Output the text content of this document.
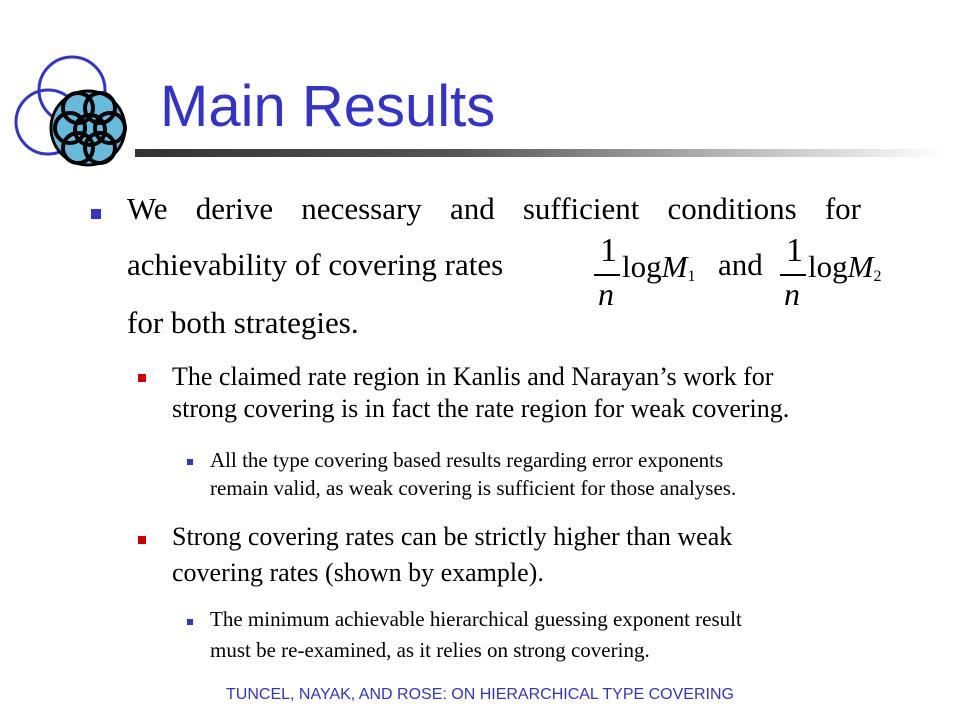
Main Results
We derive necessary and sufficient conditions for
achievability of covering rates	1
n
logM$_1$ and 1
n
logM$_2$
for both strategies.
The claimed rate region in Kanlis and Narayan’s work for
strong covering is in fact the rate region for weak covering.
All the type covering based results regarding error exponents
remain valid, as weak covering is sufficient for those analyses.
Strong covering rates can be strictly higher than weak
covering rates (shown by example).
The minimum achievable hierarchical guessing exponent result
must be re-examined, as it relies on strong covering.
TUNCEL, NAYAK, AND ROSE: ON HIERARCHICAL TYPE COVERING
